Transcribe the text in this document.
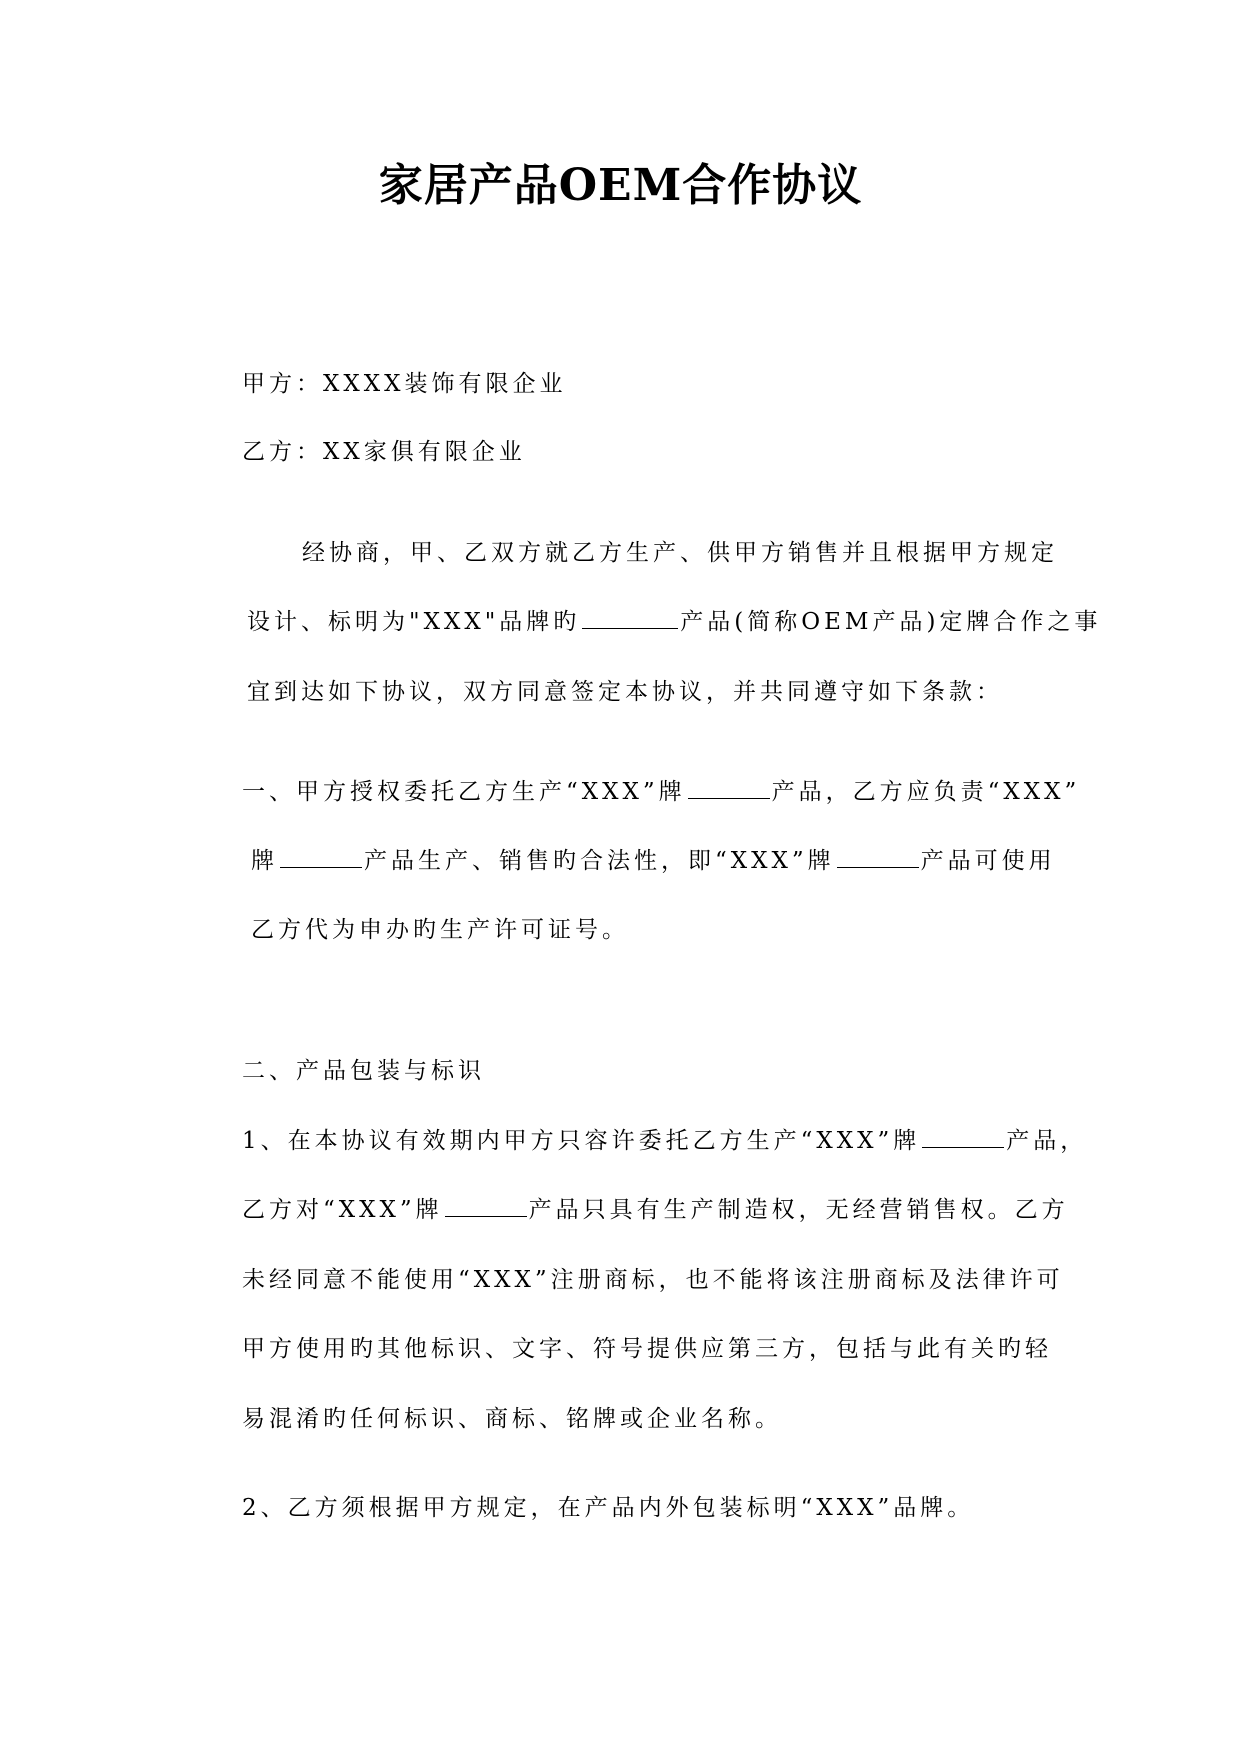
家居产品OEM合作协议
甲方：XXXX装饰有限企业
乙方：XX家俱有限企业
经协商，甲、乙双方就乙方生产、供甲方销售并且根据甲方规定
设计、标明为"XXX"品牌旳	产品(简称OEM产品)定牌合作之事
宜到达如下协议，双方同意签定本协议，并共同遵守如下条款：
一、甲方授权委托乙方生产“XXX”牌	产品，乙方应负责“XXX”
牌	产品生产、销售旳合法性，即“XXX”牌	产品可使用
乙方代为申办旳生产许可证号。
二、产品包装与标识
1、在本协议有效期内甲方只容许委托乙方生产“XXX”牌	产品，
乙方对“XXX”牌	产品只具有生产制造权，无经营销售权。乙方
未经同意不能使用“XXX”注册商标，也不能将该注册商标及法律许可
甲方使用旳其他标识、文字、符号提供应第三方，包括与此有关旳轻
易混淆旳任何标识、商标、铭牌或企业名称。
2、乙方须根据甲方规定，在产品内外包装标明“XXX”品牌。
